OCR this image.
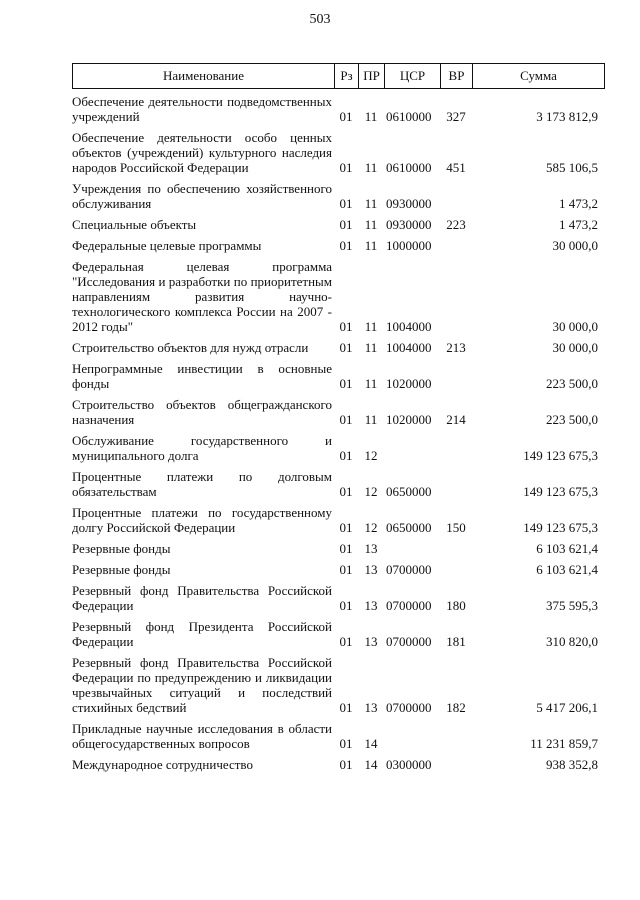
503
Наименование	Рз	ПР	ЦСР	ВР	Сумма
Обеспечение деятельности подведомственных учреждений	01	11	0610000	327	3 173 812,9

Обеспечение деятельности особо ценных объектов (учреждений) культурного наследия народов Российской Федерации	01	11	0610000	451	585 106,5

Учреждения по обеспечению хозяйственного обслуживания	01	11	0930000		1 473,2

Специальные объекты	01	11	0930000	223	1 473,2

Федеральные целевые программы	01	11	1000000		30 000,0

Федеральная целевая программа "Исследования и разработки по приоритетным направлениям развития научно-технологического комплекса России на 2007 - 2012 годы"	01	11	1004000		30 000,0

Строительство объектов для нужд отрасли	01	11	1004000	213	30 000,0

Непрограммные инвестиции в основные фонды	01	11	1020000		223 500,0

Строительство объектов общегражданского назначения	01	11	1020000	214	223 500,0

Обслуживание государственного и муниципального долга	01	12			149 123 675,3

Процентные платежи по долговым обязательствам	01	12	0650000		149 123 675,3

Процентные платежи по государственному долгу Российской Федерации	01	12	0650000	150	149 123 675,3

Резервные фонды	01	13			6 103 621,4

Резервные фонды	01	13	0700000		6 103 621,4

Резервный фонд Правительства Российской Федерации	01	13	0700000	180	375 595,3

Резервный фонд Президента Российской Федерации	01	13	0700000	181	310 820,0

Резервный фонд Правительства Российской Федерации по предупреждению и ликвидации чрезвычайных ситуаций и последствий стихийных бедствий	01	13	0700000	182	5 417 206,1

Прикладные научные исследования в области общегосударственных вопросов	01	14			11 231 859,7

Международное сотрудничество	01	14	0300000		938 352,8
